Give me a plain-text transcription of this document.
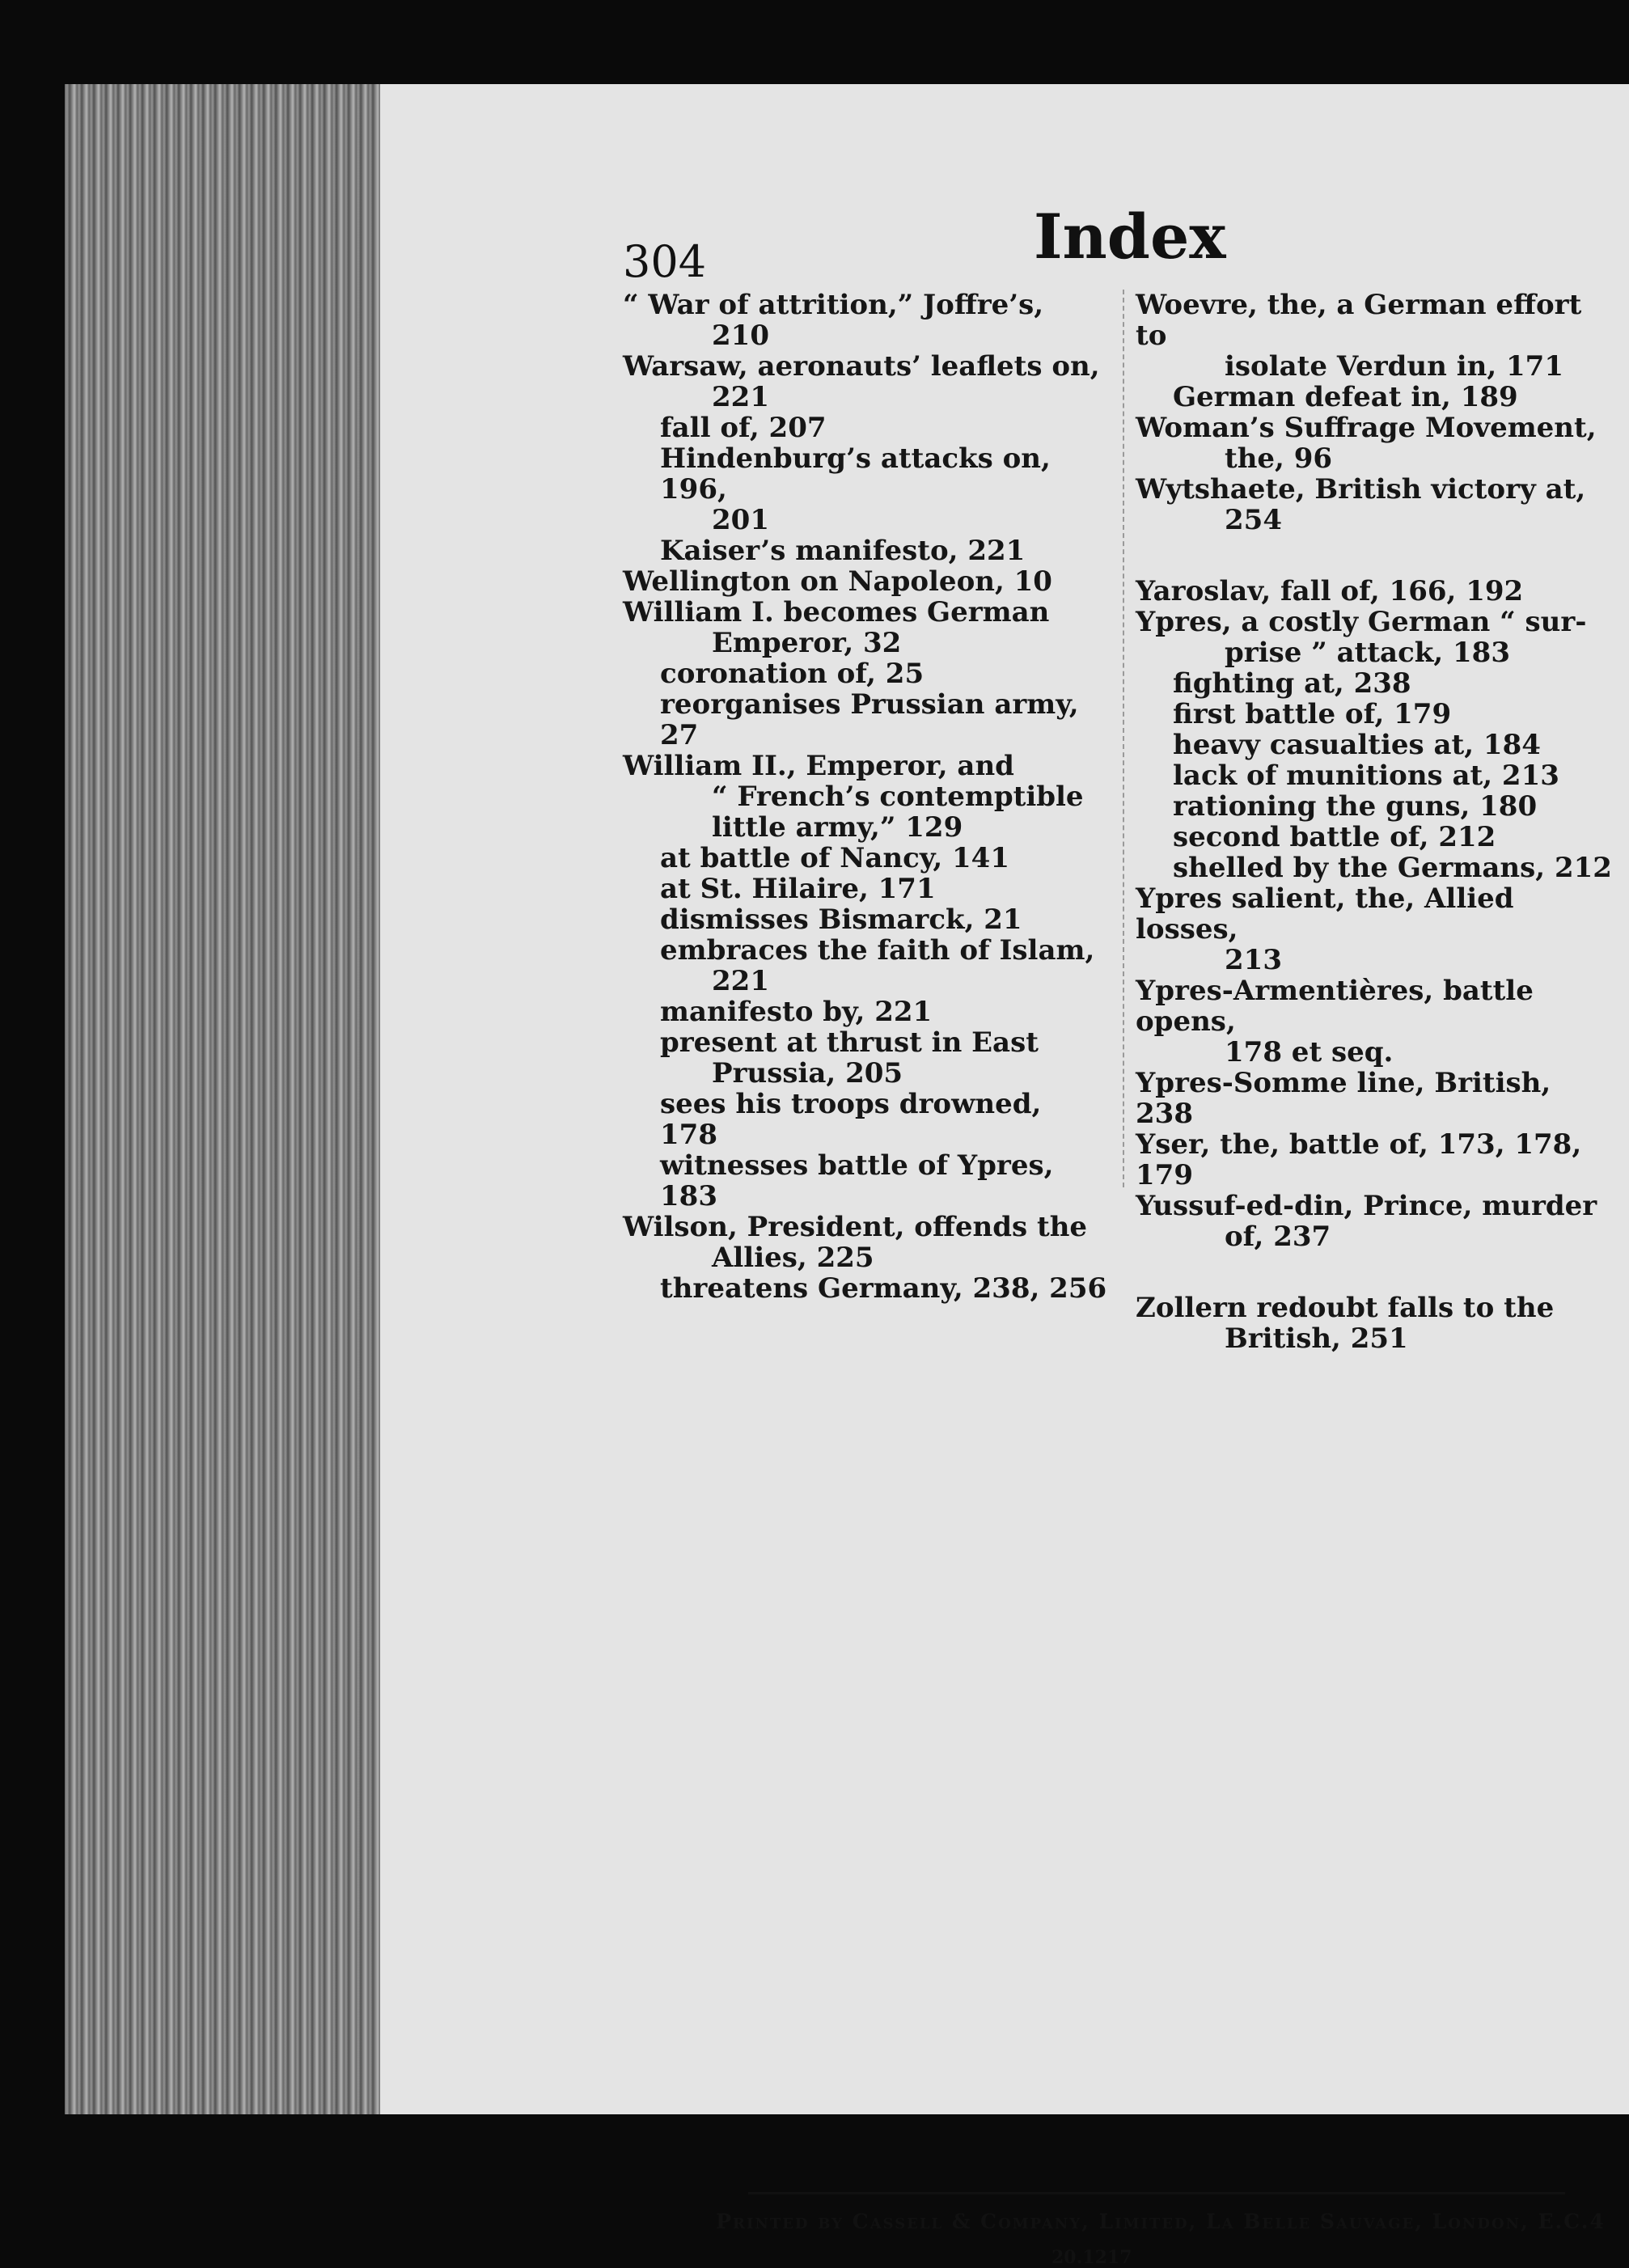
304	Index

“ War of attrition,” Joffre’s,

210

Warsaw, aeronauts’ leaflets on,

221

fall of, 207

Hindenburg’s attacks on, 196,

201

Kaiser’s manifesto, 221

Wellington on Napoleon, 10

William I. becomes German

Emperor, 32

coronation of, 25

reorganises Prussian army, 27

William II., Emperor, and

“ French’s contemptible

little army,” 129

at battle of Nancy, 141

at St. Hilaire, 171

dismisses Bismarck, 21

embraces the faith of Islam,

221

manifesto by, 221

present at thrust in East

Prussia, 205

sees his troops drowned, 178

witnesses battle of Ypres, 183

Wilson, President, offends the

Allies, 225

threatens Germany, 238, 256

Woevre, the, a German effort to

isolate Verdun in, 171

German defeat in, 189

Woman’s Suffrage Movement,

the, 96

Wytshaete, British victory at,

254

Yaroslav, fall of, 166, 192

Ypres, a costly German “ sur-

prise ” attack, 183

fighting at, 238

first battle of, 179

heavy casualties at, 184

lack of munitions at, 213

rationing the guns, 180

second battle of, 212

shelled by the Germans, 212

Ypres salient, the, Allied losses,

213

Ypres-Armentières, battle opens,

178 et seq.

Ypres-Somme line, British, 238

Yser, the, battle of, 173, 178, 179

Yussuf-ed-din, Prince, murder

of, 237

Zollern redoubt falls to the

British, 251

Printed by Cassell & Company, Limited, La Belle Sauvage, London, E.C.4
20.1217
